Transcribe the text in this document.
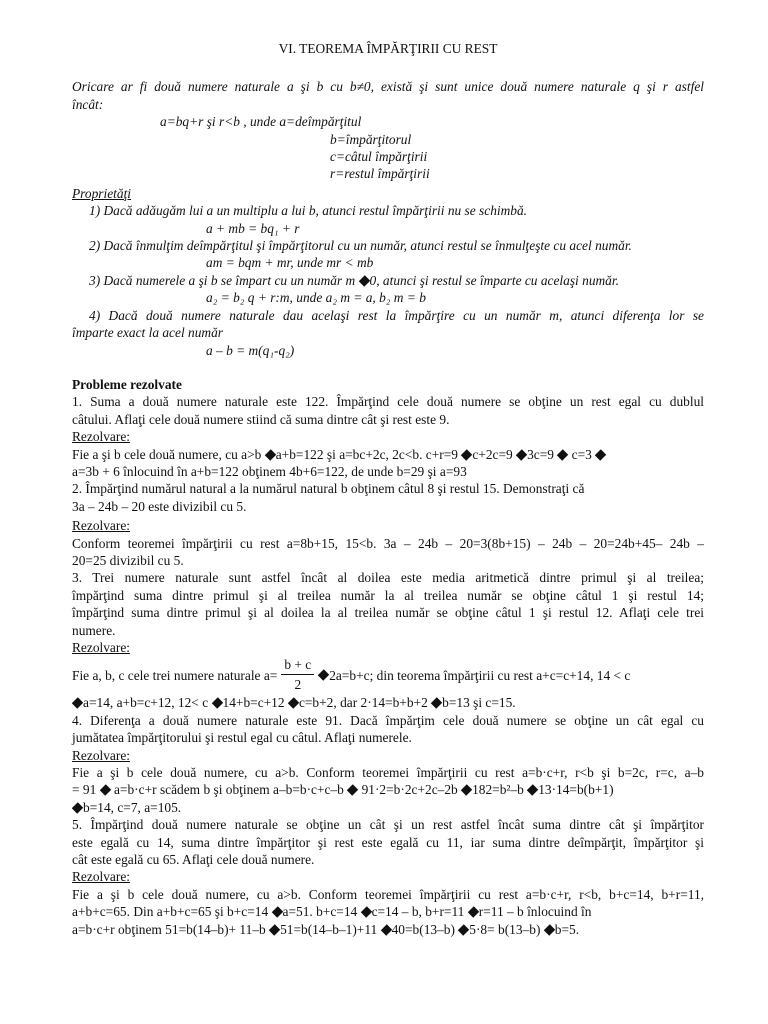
VI. TEOREMA ÎMPĂRŢIRII CU REST
Oricare ar fi două numere naturale a şi b cu b≠0, există şi sunt unice două numere naturale q şi r astfel
încât:
a=bq+r şi r<b , unde a=deîmpărţitul
b=împărţitorul
c=câtul împărţirii
r=restul împărţirii
Proprietăţi
1) Dacă adăugăm lui a un multiplu a lui b, atunci restul împărţirii nu se schimbă.
a + mb = bq₁ + r
2) Dacă înmulţim deîmpărţitul şi împărţitorul cu un număr, atunci restul se înmulţeşte cu acel număr.
am = bqm + mr, unde mr < mb
3) Dacă numerele a şi b se împart cu un număr m 0, atunci şi restul se împarte cu acelaşi număr.
a₂ = b₂ q + r:m, unde a₂ m = a, b₂ m = b
4) Dacă două numere naturale dau acelaşi rest la împărţire cu un număr m, atunci diferenţa lor se
împarte exact la acel număr
a – b = m(q₁-q₂)
Probleme rezolvate
1. Suma a două numere naturale este 122. Împărţind cele două numere se obţine un rest egal cu dublul
câtului. Aflaţi cele două numere stiind că suma dintre cât şi rest este 9.
Rezolvare:
Fie a şi b cele două numere, cu a>b a+b=122 şi a=bc+2c, 2c<b. c+r=9 c+2c=9 3c=9  c=3
a=3b + 6 înlocuind în a+b=122 obţinem 4b+6=122, de unde b=29 şi a=93
2. Împărţind numărul natural a la numărul natural b obţinem câtul 8 şi restul 15. Demonstraţi că
3a – 24b – 20 este divizibil cu 5.
Rezolvare:
Conform teoremei împărţirii cu rest a=8b+15, 15<b. 3a – 24b – 20=3(8b+15) – 24b – 20=24b+45– 24b –
20=25 divizibil cu 5.
3. Trei numere naturale sunt astfel încât al doilea este media aritmetică dintre primul şi al treilea;
împărţind suma dintre primul şi al treilea număr la al treilea număr se obţine câtul 1 şi restul 14;
împărţind suma dintre primul şi al doilea la al treilea număr se obţine câtul 1 şi restul 12. Aflaţi cele trei
numere.
Rezolvare:
Fie a, b, c cele trei numere naturale $a= \frac{b + c}{2} 2a=b+c$; din teorema împărţirii cu rest a+c=c+14, 14 < c
a=14, a+b=c+12, 12< c 14+b=c+12 c=b+2, dar 2·14=b+b+2 b=13 şi c=15.
4. Diferenţa a două numere naturale este 91. Dacă împărţim cele două numere se obţine un cât egal cu
jumătatea împărţitorului şi restul egal cu câtul. Aflaţi numerele.
Rezolvare:
Fie a şi b cele două numere, cu a>b. Conform teoremei împărţirii cu rest a=b·c+r, r<b şi b=2c, r=c, a–b
= 91  a=b·c+r scădem b şi obţinem a–b=b·c+c–b  91·2=b·2c+2c–2b 182=b²–b 13·14=b(b+1)
b=14, c=7, a=105.
5. Împărţind două numere naturale se obţine un cât şi un rest astfel încât suma dintre cât şi împărţitor
este egală cu 14, suma dintre împărţitor şi rest este egală cu 11, iar suma dintre deîmpărţit, împărţitor şi
cât este egală cu 65. Aflaţi cele două numere.
Rezolvare:
Fie a şi b cele două numere, cu a>b. Conform teoremei împărţirii cu rest a=b·c+r, r<b, b+c=14, b+r=11,
a+b+c=65. Din a+b+c=65 şi b+c=14 a=51. b+c=14 c=14 – b, b+r=11 r=11 – b înlocuind în
a=b·c+r obţinem 51=b(14–b)+ 11–b 51=b(14–b–1)+11 40=b(13–b) 5·8= b(13–b) b=5.
